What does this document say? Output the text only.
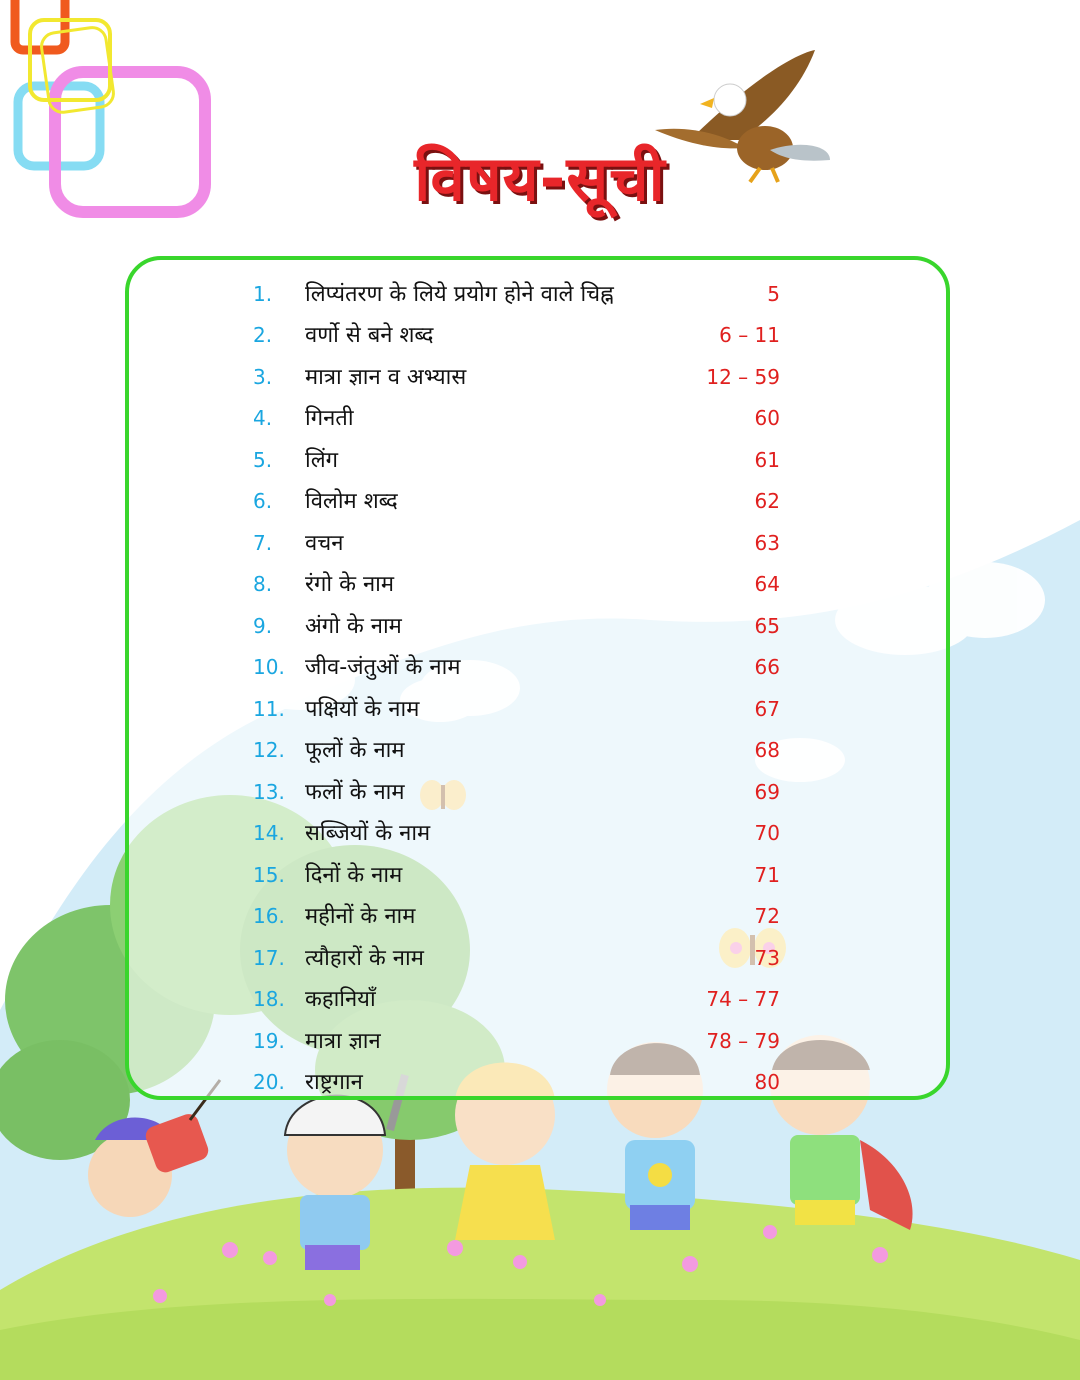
विषय-सूची
1. लिप्यंतरण के लिये प्रयोग होने वाले चिह्न	5
2. वर्णो से बने शब्द	6 – 11
3. मात्रा ज्ञान व अभ्यास	12 – 59
4. गिनती	60
5. लिंग	61
6. विलोम शब्द	62
7. वचन	63
8. रंगो के नाम	64
9. अंगो के नाम	65
10. जीव-जंतुओं के नाम	66
11. पक्षियों के नाम	67
12. फूलों के नाम	68
13. फलों के नाम	69
14. सब्जियों के नाम	70
15. दिनों के नाम	71
16. महीनों के नाम	72
17. त्यौहारों के नाम	73
18. कहानियाँ	74 – 77
19. मात्रा ज्ञान	78 – 79
20. राष्ट्रगान	80
